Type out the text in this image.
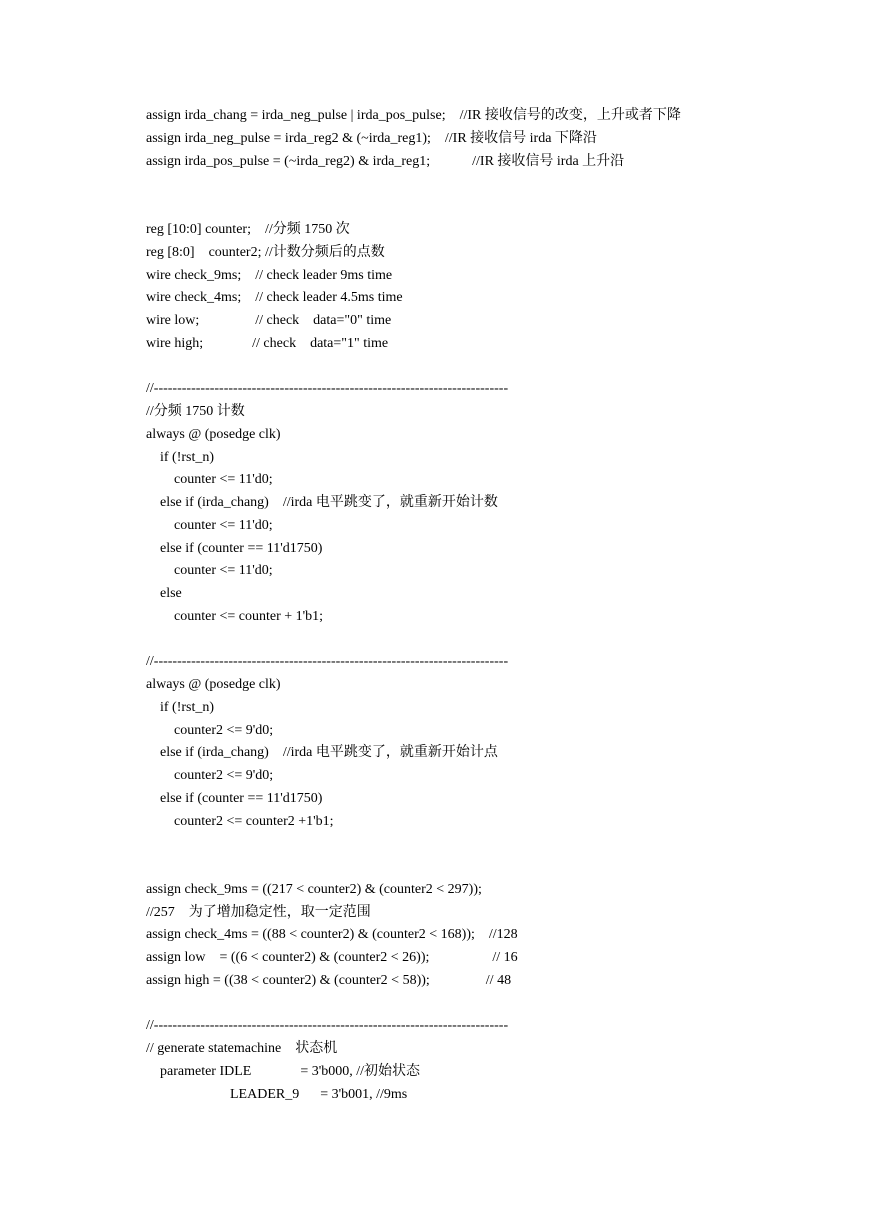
assign irda_chang = irda_neg_pulse | irda_pos_pulse;    //IR 接收信号的改变，上升或者下降
assign irda_neg_pulse = irda_reg2 & (~irda_reg1);    //IR 接收信号 irda 下降沿
assign irda_pos_pulse = (~irda_reg2) & irda_reg1;            //IR 接收信号 irda 上升沿
reg [10:0] counter;    //分频 1750 次
reg [8:0]    counter2; //计数分频后的点数
wire check_9ms;    // check leader 9ms time
wire check_4ms;    // check leader 4.5ms time
wire low;                // check    data="0" time
wire high;              // check    data="1" time
//----------------------------------------------------------------------------
//分频 1750 计数
always @ (posedge clk)
if (!rst_n)
counter <= 11'd0;
else if (irda_chang)    //irda 电平跳变了，就重新开始计数
counter <= 11'd0;
else if (counter == 11'd1750)
counter <= 11'd0;
else
counter <= counter + 1'b1;
//----------------------------------------------------------------------------
always @ (posedge clk)
if (!rst_n)
counter2 <= 9'd0;
else if (irda_chang)    //irda 电平跳变了，就重新开始计点
counter2 <= 9'd0;
else if (counter == 11'd1750)
counter2 <= counter2 +1'b1;
assign check_9ms = ((217 < counter2) & (counter2 < 297));
//257    为了增加稳定性，取一定范围
assign check_4ms = ((88 < counter2) & (counter2 < 168));    //128
assign low    = ((6 < counter2) & (counter2 < 26));                  // 16
assign high = ((38 < counter2) & (counter2 < 58));                // 48
//----------------------------------------------------------------------------
// generate statemachine    状态机
parameter IDLE              = 3'b000, //初始状态
LEADER_9      = 3'b001, //9ms
